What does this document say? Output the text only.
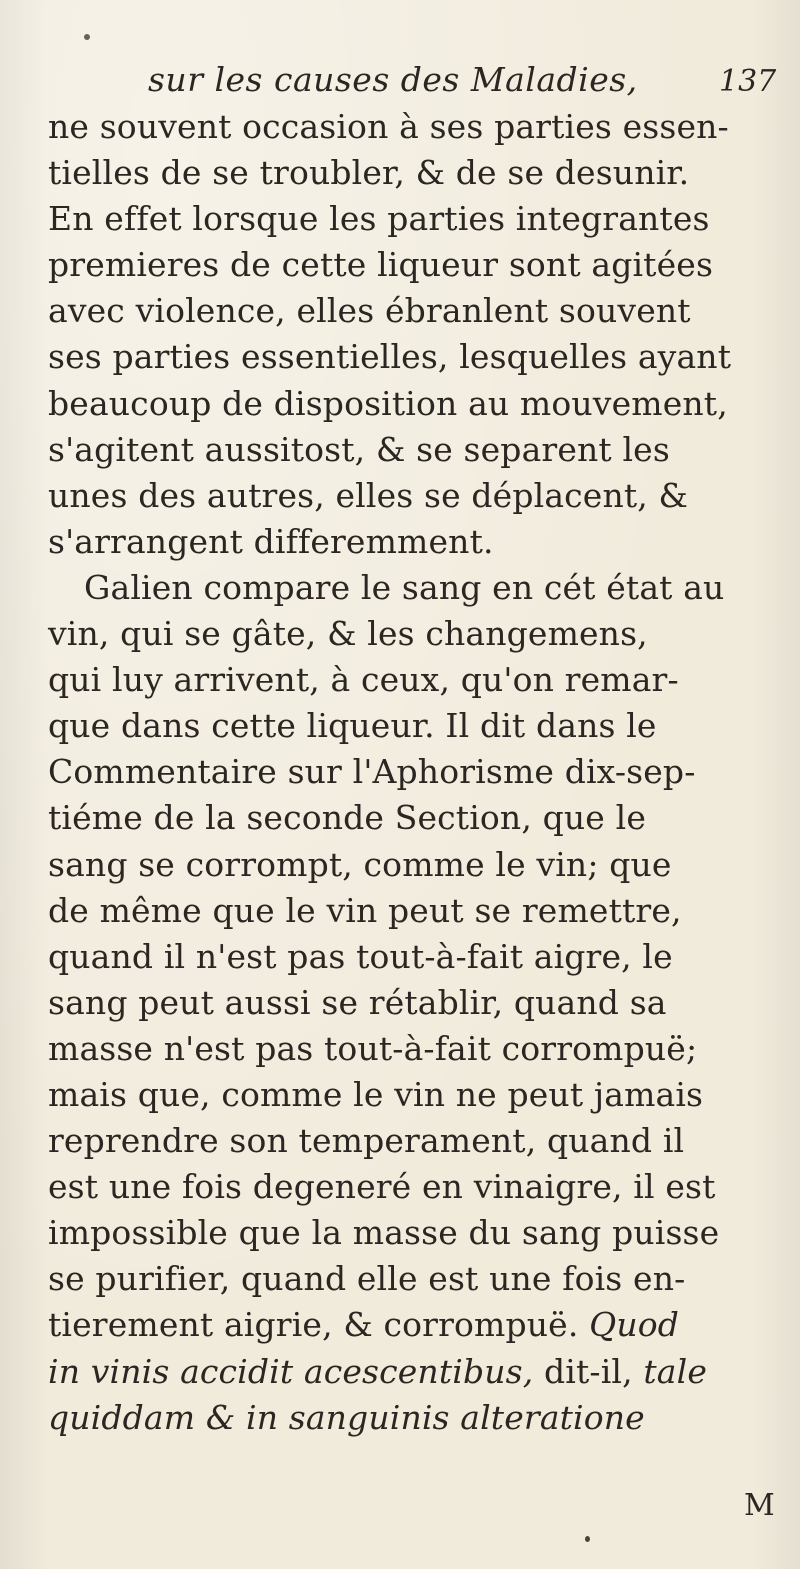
sur les causes des Maladies,	137
ne souvent occasion à ses parties essen-
tielles de se troubler, & de se desunir.
En effet lorsque les parties integrantes
premieres de cette liqueur sont agitées
avec violence, elles ébranlent souvent
ses parties essentielles, lesquelles ayant
beaucoup de disposition au mouvement,
s'agitent aussitost, & se separent les
unes des autres, elles se déplacent, &
s'arrangent differemment.
Galien compare le sang en cét état au
vin, qui se gâte, & les changemens,
qui luy arrivent, à ceux, qu'on remar-
que dans cette liqueur. Il dit dans le
Commentaire sur l'Aphorisme dix-sep-
tiéme de la seconde Section, que le
sang se corrompt, comme le vin; que
de même que le vin peut se remettre,
quand il n'est pas tout-à-fait aigre, le
sang peut aussi se rétablir, quand sa
masse n'est pas tout-à-fait corrompuë;
mais que, comme le vin ne peut jamais
reprendre son temperament, quand il
est une fois degeneré en vinaigre, il est
impossible que la masse du sang puisse
se purifier, quand elle est une fois en-
tierement aigrie, & corrompuë. Quod
in vinis accidit acescentibus, dit-il, tale
quiddam & in sanguinis alteratione
M
